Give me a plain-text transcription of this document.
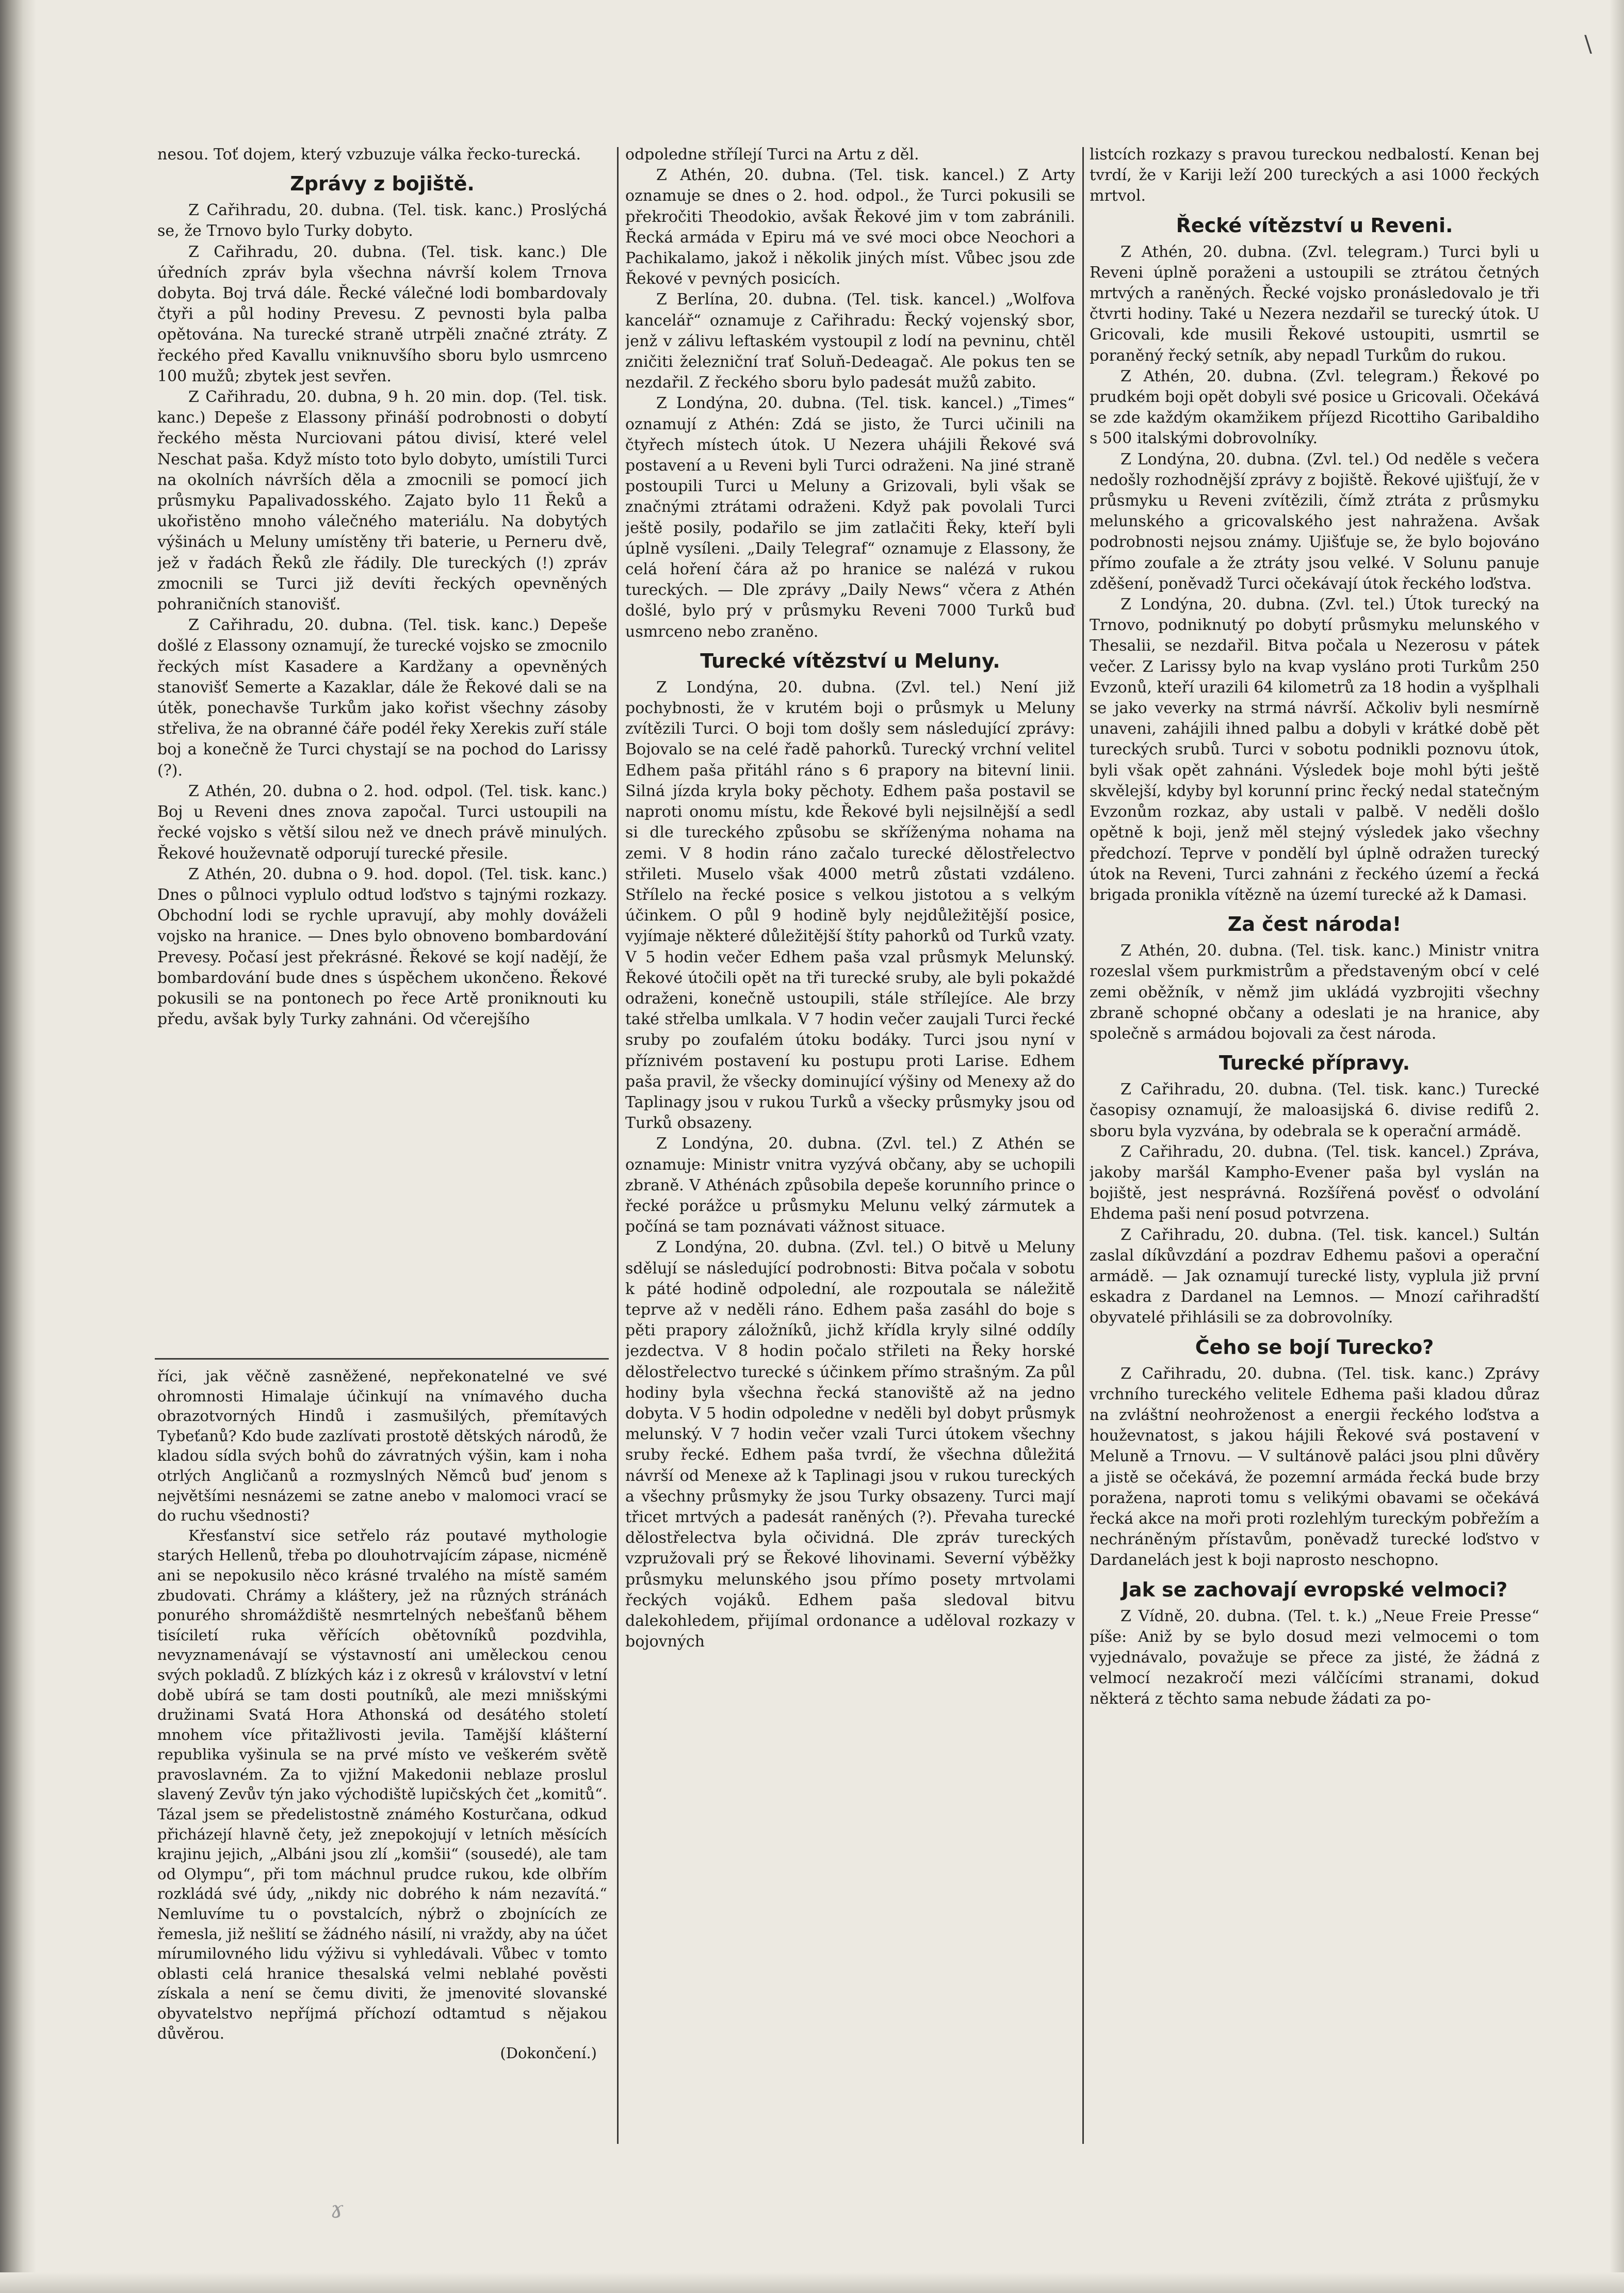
\
ɤ

nesou. Toť dojem, který vzbuzuje válka řecko-turecká.

Zprávy z bojiště.

Z Cařihradu, 20. dubna. (Tel. tisk. kanc.) Proslýchá se, že Trnovo bylo Turky dobyto.

Z Cařihradu, 20. dubna. (Tel. tisk. kanc.) Dle úředních zpráv byla všechna návrší kolem Trnova dobyta. Boj trvá dále. Řecké válečné lodi bombardovaly čtyři a půl hodiny Prevesu. Z pevnosti byla palba opětována. Na turecké straně utrpěli značné ztráty. Z řeckého před Kavallu vniknuvšího sboru bylo usmrceno 100 mužů; zbytek jest sevřen.

Z Cařihradu, 20. dubna, 9 h. 20 min. dop. (Tel. tisk. kanc.) Depeše z Elassony přináší podrobnosti o dobytí řeckého města Nurciovani pátou divisí, které velel Neschat paša. Když místo toto bylo dobyto, umístili Turci na okolních návrších děla a zmocnili se pomocí jich průsmyku Papalivadosského. Zajato bylo 11 Řeků a ukořistěno mnoho válečného materiálu. Na dobytých výšinách u Meluny umístěny tři baterie, u Perneru dvě, jež v řadách Řeků zle řádily. Dle tureckých (!) zpráv zmocnili se Turci již devíti řeckých opevněných pohraničních stanovišť.

Z Cařihradu, 20. dubna. (Tel. tisk. kanc.) Depeše došlé z Elassony oznamují, že turecké vojsko se zmocnilo řeckých míst Kasadere a Kardžany a opevněných stanovišť Semerte a Kazaklar, dále že Řekové dali se na útěk, ponechavše Turkům jako kořist všechny zásoby střeliva, že na obranné čáře podél řeky Xerekis zuří stále boj a konečně že Turci chystají se na pochod do Larissy (?).

Z Athén, 20. dubna o 2. hod. odpol. (Tel. tisk. kanc.) Boj u Reveni dnes znova započal. Turci ustoupili na řecké vojsko s větší silou než ve dnech právě minulých. Řekové houževnatě odporují turecké přesile.

Z Athén, 20. dubna o 9. hod. dopol. (Tel. tisk. kanc.) Dnes o půlnoci vyplulo odtud loďstvo s tajnými rozkazy. Obchodní lodi se rychle upravují, aby mohly dováželi vojsko na hranice. — Dnes bylo obnoveno bombardování Prevesy. Počasí jest překrásné. Řekové se kojí nadějí, že bombardování bude dnes s úspěchem ukončeno. Řekové pokusili se na pontonech po řece Artě proniknouti ku předu, avšak byly Turky zahnáni. Od včerejšího

říci, jak věčně zasněžené, nepřekonatelné ve své ohromnosti Himalaje účinkují na vnímavého ducha obrazotvorných Hindů i zasmušilých, přemítavých Tybeťanů? Kdo bude zazlívati prostotě dětských národů, že kladou sídla svých bohů do závratných výšin, kam i noha otrlých Angličanů a rozmyslných Němců buď jenom s největšími nesnázemi se zatne anebo v malomoci vrací se do ruchu všednosti?

Křesťanství sice setřelo ráz poutavé mythologie starých Hellenů, třeba po dlouhotrvajícím zápase, nicméně ani se nepokusilo něco krásné trvalého na místě samém zbudovati. Chrámy a kláštery, jež na různých stránách ponurého shromáždiště nesmrtelných nebešťanů během tisíciletí ruka věřících obětovníků pozdvihla, nevyznamenávají se výstavností ani uměleckou cenou svých pokladů. Z blízkých káz i z okresů v království v letní době ubírá se tam dosti poutníků, ale mezi mnišskými družinami Svatá Hora Athonská od desátého století mnohem více přitažlivosti jevila. Tamější klášterní republika vyšinula se na prvé místo ve veškerém světě pravoslavném. Za to vjižní Makedonii neblaze proslul slavený Zevův týn jako východiště lupičských čet „komitů“. Tázal jsem se předelistostně známého Kosturčana, odkud přicházejí hlavně čety, jež znepokojují v letních měsících krajinu jejich, „Albáni jsou zlí „komšii“ (sousedé), ale tam od Olympu“, při tom máchnul prudce rukou, kde olbřím rozkládá své údy, „nikdy nic dobrého k nám nezavítá.“ Nemluvíme tu o povstalcích, nýbrž o zbojnících ze řemesla, již nešlití se žádného násilí, ni vraždy, aby na účet mírumilovného lidu výživu si vyhledávali. Vůbec v tomto oblasti celá hranice thesalská velmi neblahé pověsti získala a není se čemu diviti, že jmenovité slovanské obyvatelstvo nepříjmá příchozí odtamtud s nějakou důvěrou.

(Dokončení.)

odpoledne střílejí Turci na Artu z děl.

Z Athén, 20. dubna. (Tel. tisk. kancel.) Z Arty oznamuje se dnes o 2. hod. odpol., že Turci pokusili se překročiti Theodokio, avšak Řekové jim v tom zabránili. Řecká armáda v Epiru má ve své moci obce Neochori a Pachikalamo, jakož i několik jiných míst. Vůbec jsou zde Řekové v pevných posicích.

Z Berlína, 20. dubna. (Tel. tisk. kancel.) „Wolfova kancelář“ oznamuje z Cařihradu: Řecký vojenský sbor, jenž v zálivu leftaském vystoupil z lodí na pevninu, chtěl zničiti železniční trať Soluň-Dedeagač. Ale pokus ten se nezdařil. Z řeckého sboru bylo padesát mužů zabito.

Z Londýna, 20. dubna. (Tel. tisk. kancel.) „Times“ oznamují z Athén: Zdá se jisto, že Turci učinili na čtyřech místech útok. U Nezera uhájili Řekové svá postavení a u Reveni byli Turci odraženi. Na jiné straně postoupili Turci u Meluny a Grizovali, byli však se značnými ztrátami odraženi. Když pak povolali Turci ještě posily, podařilo se jim zatlačiti Řeky, kteří byli úplně vysíleni. „Daily Telegraf“ oznamuje z Elassony, že celá hoření čára až po hranice se nalézá v rukou tureckých. — Dle zprávy „Daily News“ včera z Athén došlé, bylo prý v průsmyku Reveni 7000 Turků buď usmrceno nebo zraněno.

Turecké vítězství u Meluny.

Z Londýna, 20. dubna. (Zvl. tel.) Není již pochybnosti, že v krutém boji o průsmyk u Meluny zvítězili Turci. O boji tom došly sem následující zprávy: Bojovalo se na celé řadě pahorků. Turecký vrchní velitel Edhem paša přitáhl ráno s 6 prapory na bitevní linii. Silná jízda kryla boky pěchoty. Edhem paša postavil se naproti onomu místu, kde Řekové byli nejsilnější a sedl si dle tureckého způsobu se skříženýma nohama na zemi. V 8 hodin ráno začalo turecké dělostřelectvo střileti. Muselo však 4000 metrů zůstati vzdáleno. Střílelo na řecké posice s velkou jistotou a s velkým účinkem. O půl 9 hodině byly nejdůležitější posice, vyjímaje některé důležitější štíty pahorků od Turků vzaty. V 5 hodin večer Edhem paša vzal průsmyk Melunský. Řekové útočili opět na tři turecké sruby, ale byli pokaždé odraženi, konečně ustoupili, stále střílejíce. Ale brzy také střelba umlkala. V 7 hodin večer zaujali Turci řecké sruby po zoufalém útoku bodáky. Turci jsou nyní v příznivém postavení ku postupu proti Larise. Edhem paša pravil, že všecky dominující výšiny od Menexy až do Taplinagy jsou v rukou Turků a všecky průsmyky jsou od Turků obsazeny.

Z Londýna, 20. dubna. (Zvl. tel.) Z Athén se oznamuje: Ministr vnitra vyzývá občany, aby se uchopili zbraně. V Athénách způsobila depeše korunního prince o řecké porážce u průsmyku Melunu velký zármutek a počíná se tam poznávati vážnost situace.

Z Londýna, 20. dubna. (Zvl. tel.) O bitvě u Meluny sdělují se následující podrobnosti: Bitva počala v sobotu k páté hodině odpolední, ale rozpoutala se náležitě teprve až v neděli ráno. Edhem paša zasáhl do boje s pěti prapory záložníků, jichž křídla kryly silné oddíly jezdectva. V 8 hodin počalo střileti na Řeky horské dělostřelectvo turecké s účinkem přímo strašným. Za půl hodiny byla všechna řecká stanoviště až na jedno dobyta. V 5 hodin odpoledne v neděli byl dobyt průsmyk melunský. V 7 hodin večer vzali Turci útokem všechny sruby řecké. Edhem paša tvrdí, že všechna důležitá návrší od Menexe až k Taplinagi jsou v rukou tureckých a všechny průsmyky že jsou Turky obsazeny. Turci mají třicet mrtvých a padesát raněných (?). Převaha turecké dělostřelectva byla očividná. Dle zpráv tureckých vzpružovali prý se Řekové lihovinami. Severní výběžky průsmyku melunského jsou přímo posety mrtvolami řeckých vojáků. Edhem paša sledoval bitvu dalekohledem, přijímal ordonance a uděloval rozkazy v bojovných

listcích rozkazy s pravou tureckou nedbalostí. Kenan bej tvrdí, že v Kariji leží 200 tureckých a asi 1000 řeckých mrtvol.

Řecké vítězství u Reveni.

Z Athén, 20. dubna. (Zvl. telegram.) Turci byli u Reveni úplně poraženi a ustoupili se ztrátou četných mrtvých a raněných. Řecké vojsko pronásledovalo je tři čtvrti hodiny. Také u Nezera nezdařil se turecký útok. U Gricovali, kde musili Řekové ustoupiti, usmrtil se poraněný řecký setník, aby nepadl Turkům do rukou.

Z Athén, 20. dubna. (Zvl. telegram.) Řekové po prudkém boji opět dobyli své posice u Gricovali. Očekává se zde každým okamžikem příjezd Ricottiho Garibaldiho s 500 italskými dobrovolníky.

Z Londýna, 20. dubna. (Zvl. tel.) Od neděle s večera nedošly rozhodnější zprávy z bojiště. Řekové ujišťují, že v průsmyku u Reveni zvítězili, čímž ztráta z průsmyku melunského a gricovalského jest nahražena. Avšak podrobnosti nejsou známy. Ujišťuje se, že bylo bojováno přímo zoufale a že ztráty jsou velké. V Solunu panuje zděšení, poněvadž Turci očekávají útok řeckého loďstva.

Z Londýna, 20. dubna. (Zvl. tel.) Útok turecký na Trnovo, podniknutý po dobytí průsmyku melunského v Thesalii, se nezdařil. Bitva počala u Nezerosu v pátek večer. Z Larissy bylo na kvap vysláno proti Turkům 250 Evzonů, kteří urazili 64 kilometrů za 18 hodin a vyšplhali se jako veverky na strmá návrší. Ačkoliv byli nesmírně unaveni, zahájili ihned palbu a dobyli v krátké době pět tureckých srubů. Turci v sobotu podnikli poznovu útok, byli však opět zahnáni. Výsledek boje mohl býti ještě skvělejší, kdyby byl korunní princ řecký nedal statečným Evzonům rozkaz, aby ustali v palbě. V neděli došlo opětně k boji, jenž měl stejný výsledek jako všechny předchozí. Teprve v pondělí byl úplně odražen turecký útok na Reveni, Turci zahnáni z řeckého území a řecká brigada pronikla vítězně na území turecké až k Damasi.

Za čest národa!

Z Athén, 20. dubna. (Tel. tisk. kanc.) Ministr vnitra rozeslal všem purkmistrům a představeným obcí v celé zemi oběžník, v němž jim ukládá vyzbrojiti všechny zbraně schopné občany a odeslati je na hranice, aby společně s armádou bojovali za čest národa.

Turecké přípravy.

Z Cařihradu, 20. dubna. (Tel. tisk. kanc.) Turecké časopisy oznamují, že maloasijská 6. divise redifů 2. sboru byla vyzvána, by odebrala se k operační armádě.

Z Cařihradu, 20. dubna. (Tel. tisk. kancel.) Zpráva, jakoby maršál Kampho-Evener paša byl vyslán na bojiště, jest nesprávná. Rozšířená pověsť o odvolání Ehdema paši není posud potvrzena.

Z Cařihradu, 20. dubna. (Tel. tisk. kancel.) Sultán zaslal díkůvzdání a pozdrav Edhemu pašovi a operační armádě. — Jak oznamují turecké listy, vyplula již první eskadra z Dardanel na Lemnos. — Mnozí cařihradští obyvatelé přihlásili se za dobrovolníky.

Čeho se bojí Turecko?

Z Cařihradu, 20. dubna. (Tel. tisk. kanc.) Zprávy vrchního tureckého velitele Edhema paši kladou důraz na zvláštní neohroženost a energii řeckého loďstva a houževnatost, s jakou hájili Řekové svá postavení v Meluně a Trnovu. — V sultánově paláci jsou plni důvěry a jistě se očekává, že pozemní armáda řecká bude brzy poražena, naproti tomu s velikými obavami se očekává řecká akce na moři proti rozlehlým tureckým pobřežím a nechráněným přístavům, poněvadž turecké loďstvo v Dardanelách jest k boji naprosto neschopno.

Jak se zachovají evropské velmoci?

Z Vídně, 20. dubna. (Tel. t. k.) „Neue Freie Presse“ píše: Aniž by se bylo dosud mezi velmocemi o tom vyjednávalo, považuje se přece za jisté, že žádná z velmocí nezakročí mezi válčícími stranami, dokud některá z těchto sama nebude žádati za po-
